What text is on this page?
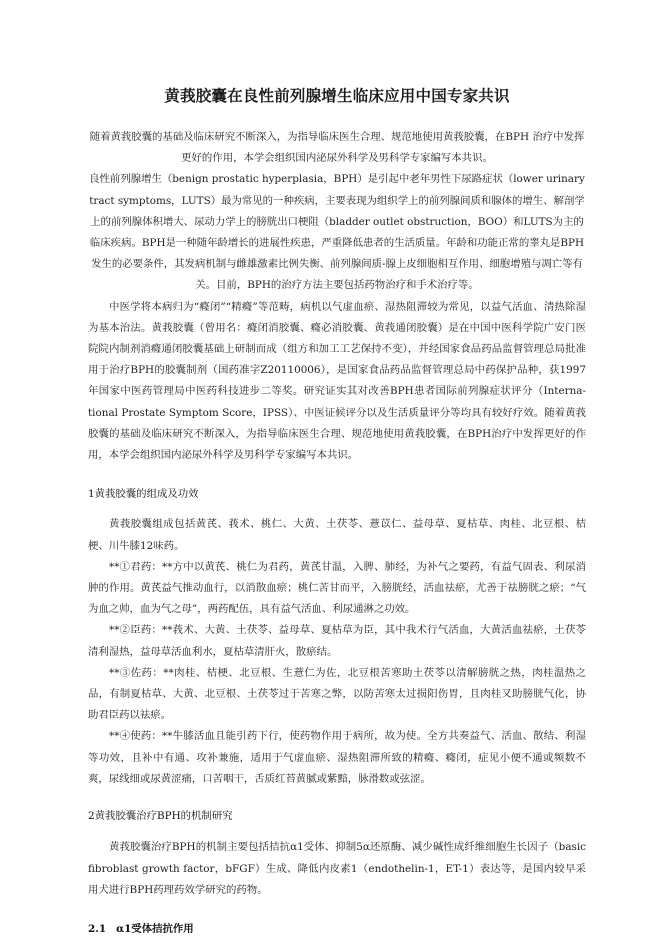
黄莪胶囊在良性前列腺增生临床应用中国专家共识

随着黄莪胶囊的基础及临床研究不断深入，为指导临床医生合理、规范地使用黄莪胶囊，在BPH 治疗中发挥更好的作用，本学会组织国内泌尿外科学及男科学专家编写本共识。

良性前列腺增生（benign prostatic hyperplasia，BPH）是引起中老年男性下尿路症状（lower urinary tract symptoms，LUTS）最为常见的一种疾病，主要表现为组织学上的前列腺间质和腺体的增生、解剖学上的前列腺体积增大、尿动力学上的膀胱出口梗阻（bladder outlet obstruction，BOO）和LUTS为主的临床疾病。BPH是一种随年龄增长的进展性疾患，严重降低患者的生活质量。年龄和功能正常的睾丸是BPH发生的必要条件，其发病机制与雌雄激素比例失衡、前列腺间质-腺上皮细胞相互作用、细胞增殖与凋亡等有关。目前，BPH的治疗方法主要包括药物治疗和手术治疗等。

中医学将本病归为“癃闭”“精癃”等范畴，病机以气虚血瘀、湿热阻滞较为常见，以益气活血、清热除湿为基本治法。黄莪胶囊（曾用名：癃闭消胶囊、癃必消胶囊、黄莪通闭胶囊）是在中国中医科学院广安门医院院内制剂消癃通闭胶囊基础上研制而成（组方和加工工艺保持不变），并经国家食品药品监督管理总局批准用于治疗BPH的胶囊制剂（国药准字Z20110006），是国家食品药品监督管理总局中药保护品种，获1997年国家中医药管理局中医药科技进步二等奖。研究证实其对改善BPH患者国际前列腺症状评分（Interna-tional Prostate Symptom Score，IPSS）、中医证候评分以及生活质量评分等均具有较好疗效。随着黄莪胶囊的基础及临床研究不断深入，为指导临床医生合理、规范地使用黄莪胶囊，在BPH治疗中发挥更好的作用，本学会组织国内泌尿外科学及男科学专家编写本共识。

1黄莪胶囊的组成及功效

黄莪胶囊组成包括黄芪、莪术、桃仁、大黄、土茯苓、薏苡仁、益母草、夏枯草、肉桂、北豆根、桔梗、川牛膝12味药。

**①君药：**方中以黄芪、桃仁为君药，黄芪甘温，入脾、肺经，为补气之要药，有益气固表、利尿消肿的作用。黄芪益气推动血行，以消散血瘀；桃仁苦甘而平，入膀胱经，活血祛瘀，尤善于祛膀胱之瘀；“气为血之帅，血为气之母”，两药配伍，具有益气活血、利尿通淋之功效。

**②臣药：**莪术、大黄、土茯苓、益母草、夏枯草为臣，其中我术行气活血，大黄活血祛瘀，土茯苓清利湿热，益母草活血利水，夏枯草清肝火，散瘀结。

**③佐药：**肉桂、桔梗、北豆根、生薏仁为佐，北豆根苦寒助土茯苓以清解膀胱之热，肉桂温热之品，有制夏枯草、大黄、北豆根、土茯苓过于苦寒之弊，以防苦寒太过损阳伤胃，且肉桂又助膀胱气化，协助君臣药以祛瘀。

**④使药：**牛膝活血且能引药下行，使药物作用于病所，故为使。全方共奏益气、活血、散结、利湿等功效，且补中有通、攻补兼施，适用于气虚血瘀、湿热阻滞所致的精癃、癃闭，症见小便不通或频数不爽，尿线细或尿黄涩痛，口苦咽干，舌质红苔黄腻或紫黯，脉滑数或弦涩。

2黄莪胶囊治疗BPH的机制研究

黄莪胶囊治疗BPH的机制主要包括拮抗α1受体、抑制5α还原酶、减少碱性成纤维细胞生长因子（basic fibroblast growth factor，bFGF）生成、降低内皮素1（endothelin-1，ET-1）表达等，是国内较早采用犬进行BPH药理药效学研究的药物。

2.1 α1受体拮抗作用
